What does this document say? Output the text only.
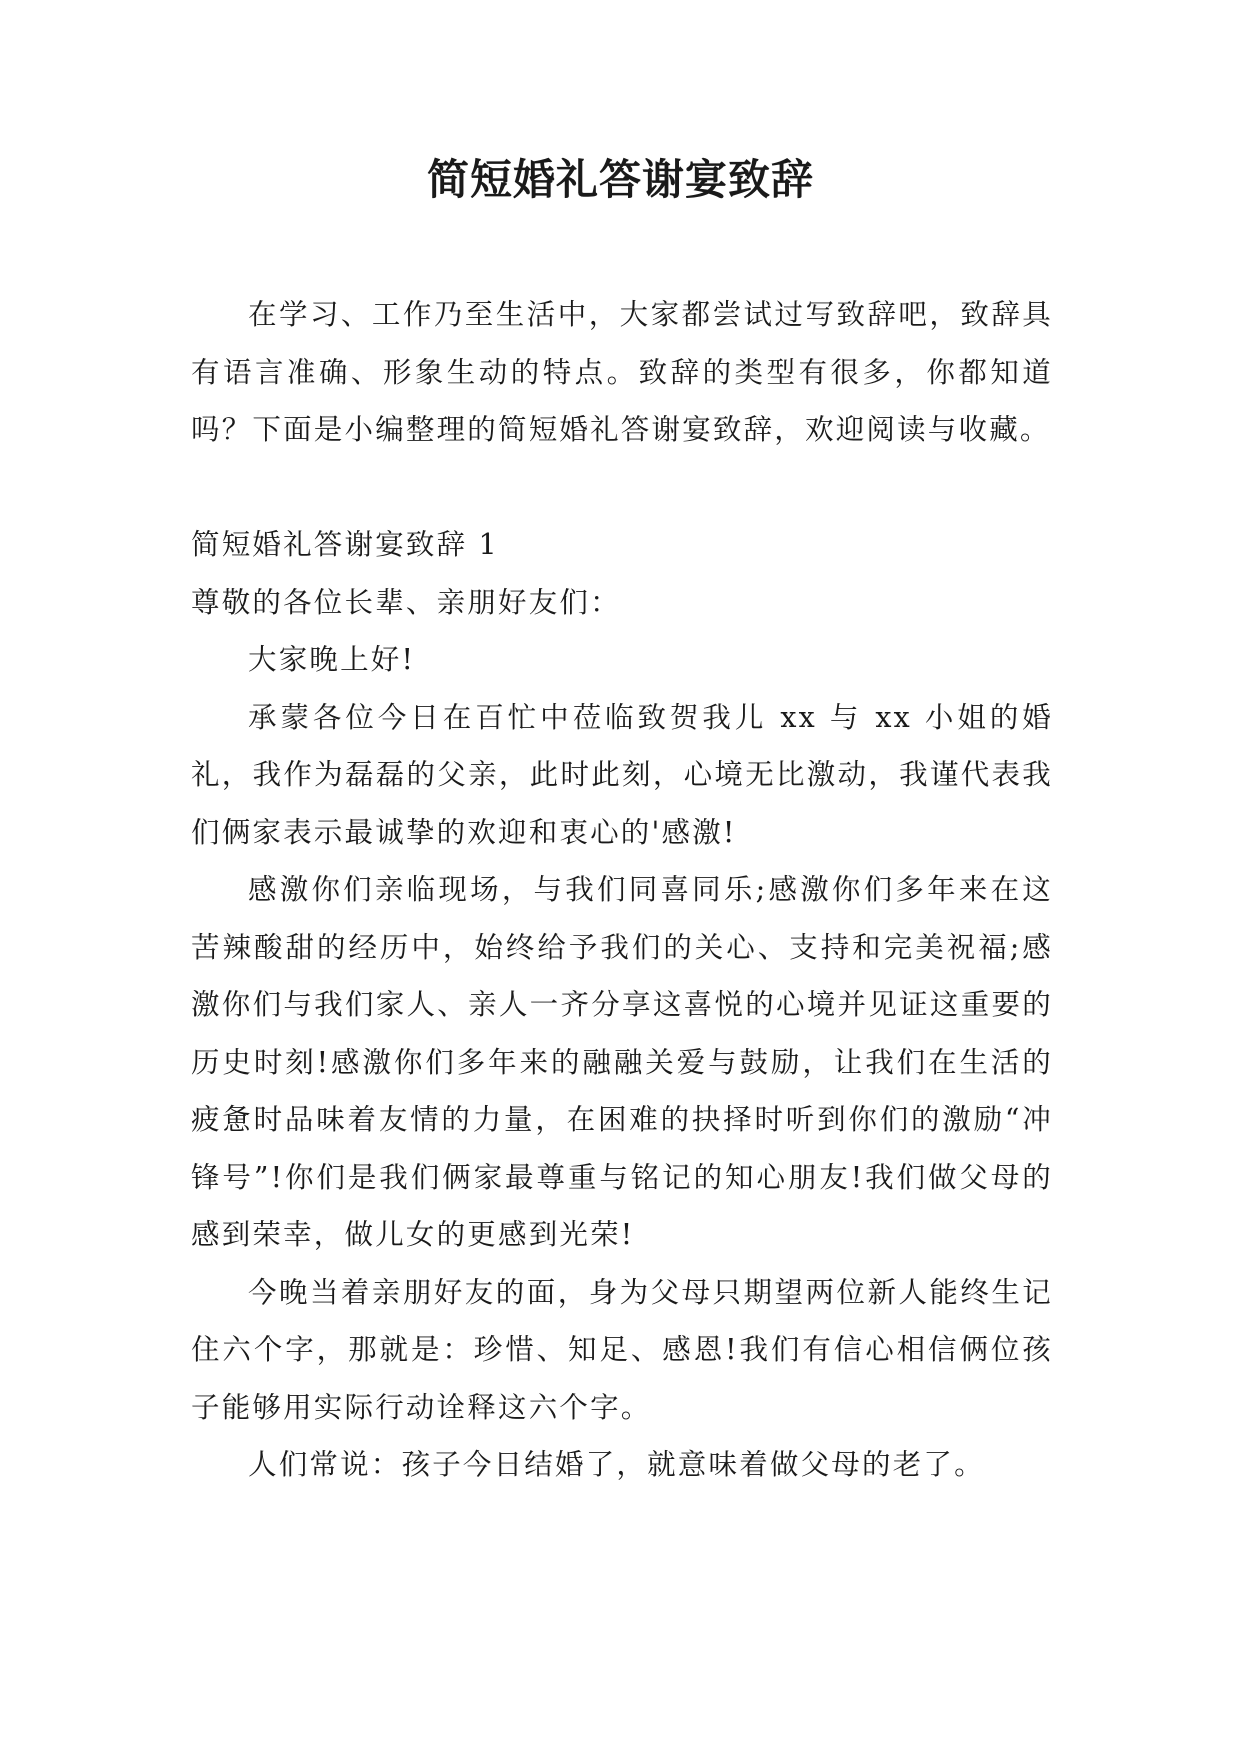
简短婚礼答谢宴致辞

在学习、工作乃至生活中，大家都尝试过写致辞吧，致辞具有语言准确、形象生动的特点。致辞的类型有很多，你都知道吗？下面是小编整理的简短婚礼答谢宴致辞，欢迎阅读与收藏。

简短婚礼答谢宴致辞 1

尊敬的各位长辈、亲朋好友们：

大家晚上好!

承蒙各位今日在百忙中莅临致贺我儿 xx 与 xx 小姐的婚礼，我作为磊磊的父亲，此时此刻，心境无比激动，我谨代表我们俩家表示最诚挚的欢迎和衷心的'感激!

感激你们亲临现场，与我们同喜同乐;感激你们多年来在这苦辣酸甜的经历中，始终给予我们的关心、支持和完美祝福;感激你们与我们家人、亲人一齐分享这喜悦的心境并见证这重要的历史时刻!感激你们多年来的融融关爱与鼓励，让我们在生活的疲惫时品味着友情的力量，在困难的抉择时听到你们的激励“冲锋号”!你们是我们俩家最尊重与铭记的知心朋友!我们做父母的感到荣幸，做儿女的更感到光荣!

今晚当着亲朋好友的面，身为父母只期望两位新人能终生记住六个字，那就是：珍惜、知足、感恩!我们有信心相信俩位孩子能够用实际行动诠释这六个字。

人们常说：孩子今日结婚了，就意味着做父母的老了。
